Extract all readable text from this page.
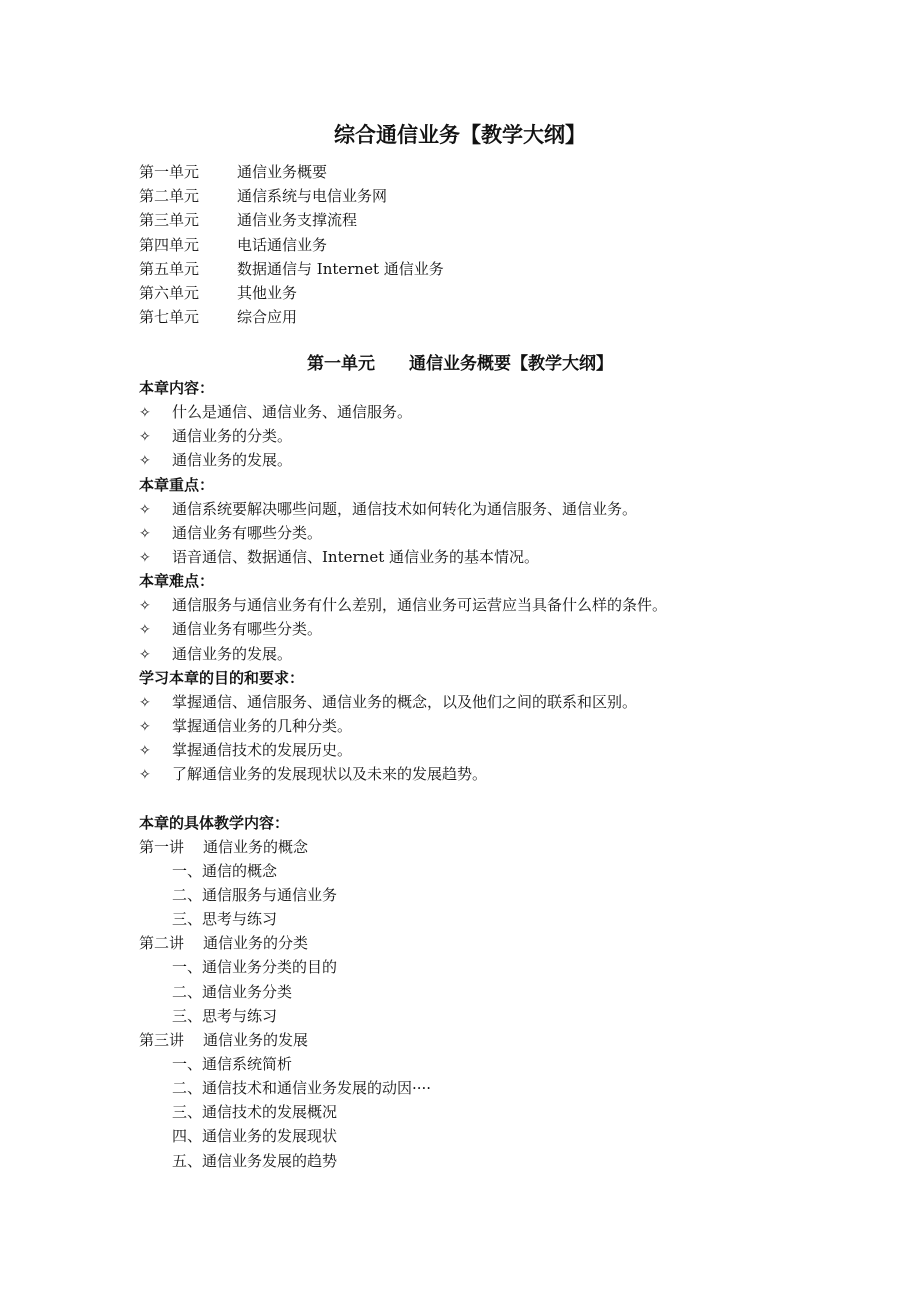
综合通信业务【教学大纲】
第一单元	通信业务概要
第二单元	通信系统与电信业务网
第三单元	通信业务支撑流程
第四单元	电话通信业务
第五单元	数据通信与 Internet 通信业务
第六单元	其他业务
第七单元	综合应用
第一单元　　通信业务概要【教学大纲】
本章内容：
✧ 什么是通信、通信业务、通信服务。
✧ 通信业务的分类。
✧ 通信业务的发展。
本章重点：
✧ 通信系统要解决哪些问题，通信技术如何转化为通信服务、通信业务。
✧ 通信业务有哪些分类。
✧ 语音通信、数据通信、Internet 通信业务的基本情况。
本章难点：
✧ 通信服务与通信业务有什么差别，通信业务可运营应当具备什么样的条件。
✧ 通信业务有哪些分类。
✧ 通信业务的发展。
学习本章的目的和要求：
✧ 掌握通信、通信服务、通信业务的概念，以及他们之间的联系和区别。
✧ 掌握通信业务的几种分类。
✧ 掌握通信技术的发展历史。
✧ 了解通信业务的发展现状以及未来的发展趋势。
本章的具体教学内容：
第一讲 通信业务的概念
一、通信的概念
二、通信服务与通信业务
三、思考与练习
第二讲 通信业务的分类
一、通信业务分类的目的
二、通信业务分类
三、思考与练习
第三讲 通信业务的发展
一、通信系统简析
二、通信技术和通信业务发展的动因····
三、通信技术的发展概况
四、通信业务的发展现状
五、通信业务发展的趋势
